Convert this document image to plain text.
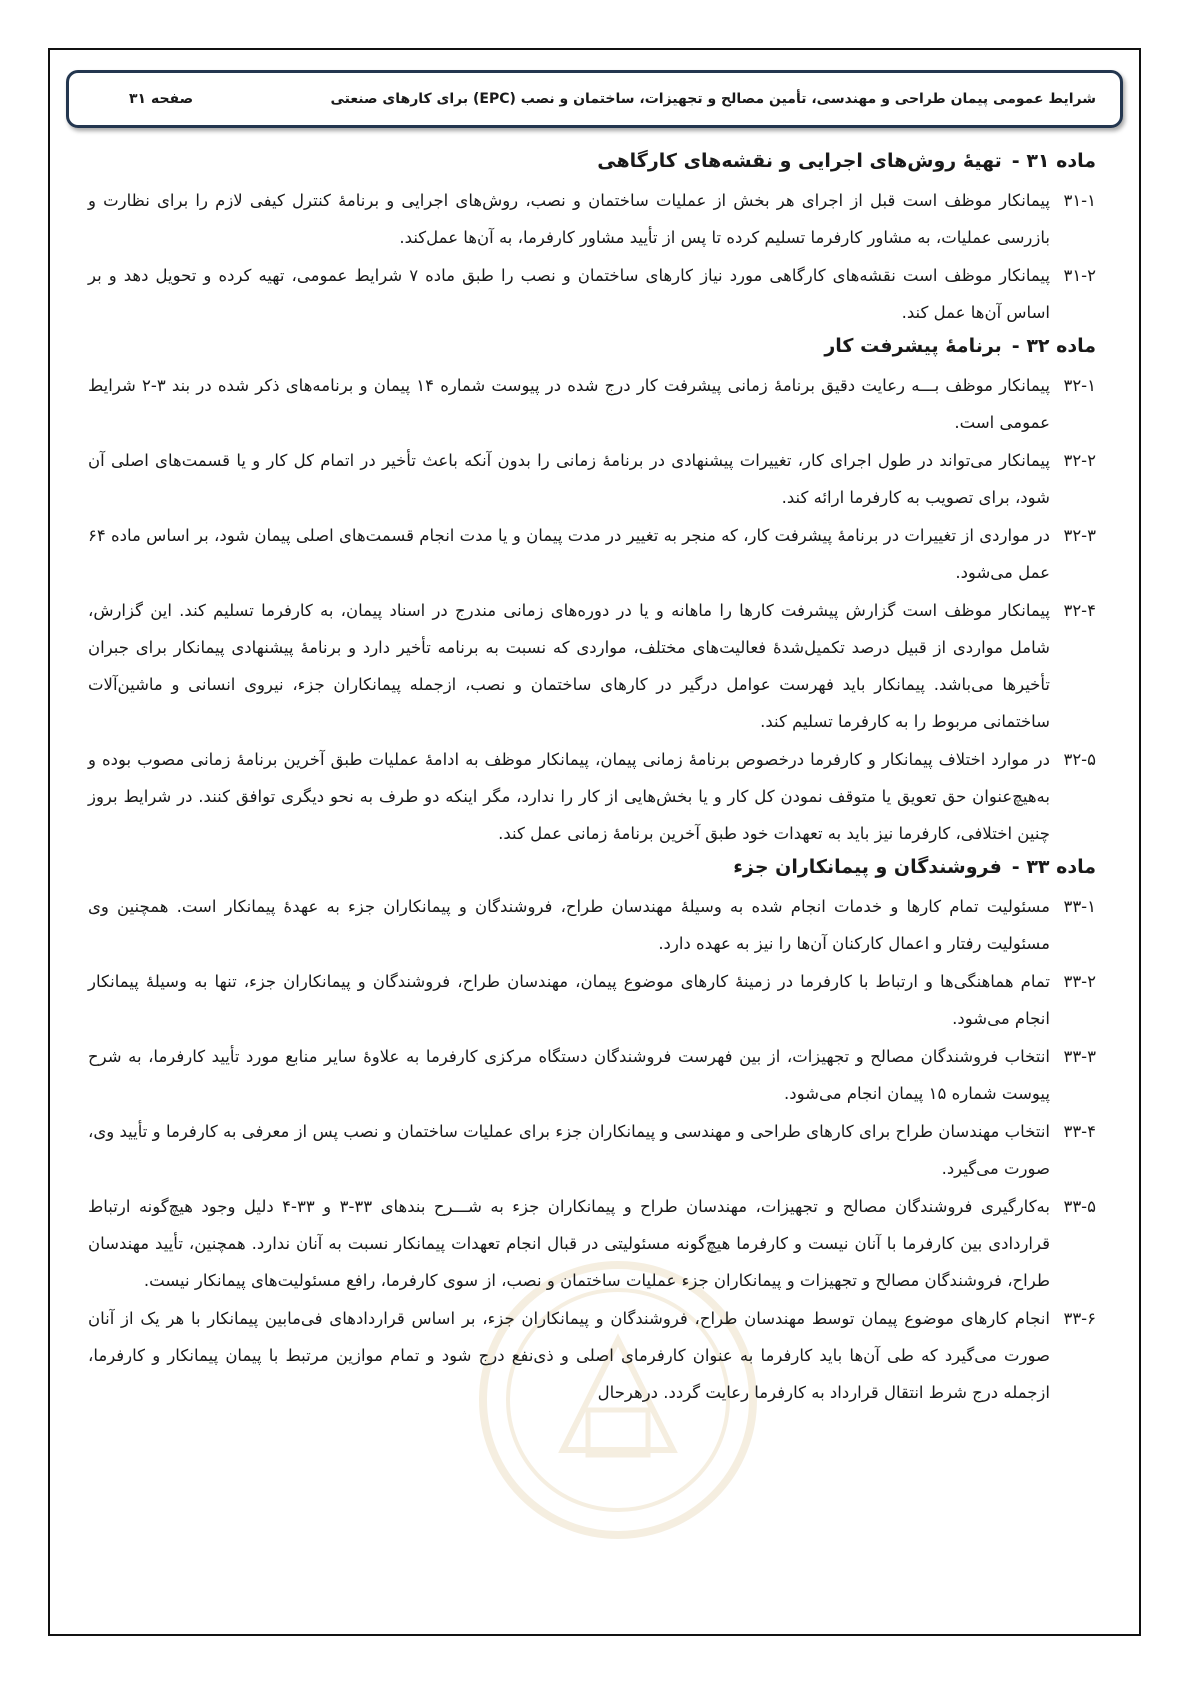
شرایط عمومی پیمان طراحی و مهندسی، تأمین مصالح و تجهیزات، ساختمان و نصب (EPC) برای کارهای صنعتی
صفحه ۳۱
ماده ۳۱ -
تهیهٔ روش‌های اجرایی و نقشه‌های کارگاهی
۳۱-۱
پیمانکار موظف است قبل از اجرای هر بخش از عملیات ساختمان و نصب، روش‌های اجرایی و برنامهٔ کنترل کیفی لازم را برای نظارت و بازرسی عملیات، به مشاور کارفرما تسلیم کرده تا پس از تأیید مشاور کارفرما، به آن‌ها عمل‌کند.
۳۱-۲
پیمانکار موظف است نقشه‌های کارگاهی مورد نیاز کارهای ساختمان و نصب را طبق ماده ۷ شرایط عمومی، تهیه کرده و تحویل دهد و بر اساس آن‌ها عمل کند.
ماده ۳۲ -
برنامهٔ پیشرفت کار
۳۲-۱
پیمانکار موظف بـــه رعایت دقیق برنامهٔ زمانی پیشرفت کار درج شده در پیوست شماره ۱۴ پیمان و برنامه‌های ذکر شده در بند ۳-۲ شرایط عمومی است.
۳۲-۲
پیمانکار می‌تواند در طول اجرای کار، تغییرات پیشنهادی در برنامهٔ زمانی را بدون آنکه باعث تأخیر در اتمام کل کار و یا قسمت‌های اصلی آن شود، برای تصویب به کارفرما ارائه کند.
۳۲-۳
در مواردی از تغییرات در برنامهٔ پیشرفت کار، که منجر به تغییر در مدت پیمان و یا مدت انجام قسمت‌های اصلی پیمان شود، بر اساس ماده ۶۴ عمل می‌شود.
۳۲-۴
پیمانکار موظف است گزارش پیشرفت کارها را ماهانه و یا در دوره‌های زمانی مندرج در اسناد پیمان، به کارفرما تسلیم کند. این گزارش، شامل مواردی از قبیل درصد تکمیل‌شدهٔ فعالیت‌های مختلف، مواردی که نسبت به برنامه تأخیر دارد و برنامهٔ پیشنهادی پیمانکار برای جبران تأخیرها می‌باشد. پیمانکار باید فهرست عوامل درگیر در کارهای ساختمان و نصب، ازجمله پیمانکاران جزء، نیروی انسانی و ماشین‌آلات ساختمانی مربوط را به کارفرما تسلیم کند.
۳۲-۵
در موارد اختلاف پیمانکار و کارفرما درخصوص برنامهٔ زمانی پیمان، پیمانکار موظف به ادامهٔ عملیات طبق آخرین برنامهٔ زمانی مصوب بوده و به‌هیچ‌عنوان حق تعویق یا متوقف نمودن کل کار و یا بخش‌هایی از کار را ندارد، مگر اینکه دو طرف به نحو دیگری توافق کنند. در شرایط بروز چنین اختلافی، کارفرما نیز باید به تعهدات خود طبق آخرین برنامهٔ زمانی عمل کند.
ماده ۳۳ -
فروشندگان و پیمانکاران جزء
۳۳-۱
مسئولیت تمام کارها و خدمات انجام شده به وسیلهٔ مهندسان طراح، فروشندگان و پیمانکاران جزء به عهدهٔ پیمانکار است. همچنین وی مسئولیت رفتار و اعمال کارکنان آن‌ها را نیز به عهده دارد.
۳۳-۲
تمام هماهنگی‌ها و ارتباط با کارفرما در زمینهٔ کارهای موضوع پیمان، مهندسان طراح، فروشندگان و پیمانکاران جزء، تنها به وسیلهٔ پیمانکار انجام می‌شود.
۳۳-۳
انتخاب فروشندگان مصالح و تجهیزات، از بین فهرست فروشندگان دستگاه مرکزی کارفرما به علاوهٔ سایر منابع مورد تأیید کارفرما، به شرح پیوست شماره ۱۵ پیمان انجام می‌شود.
۳۳-۴
انتخاب مهندسان طراح برای کارهای طراحی و مهندسی و پیمانکاران جزء برای عملیات ساختمان و نصب پس از معرفی به کارفرما و تأیید وی، صورت می‌گیرد.
۳۳-۵
به‌کارگیری فروشندگان مصالح و تجهیزات، مهندسان طراح و پیمانکاران جزء به شـــرح بندهای ۳۳-۳ و ۳۳-۴ دلیل وجود هیچ‌گونه ارتباط قراردادی بین کارفرما با آنان نیست و کارفرما هیچ‌گونه مسئولیتی در قبال انجام تعهدات پیمانکار نسبت به آنان ندارد. همچنین، تأیید مهندسان طراح، فروشندگان مصالح و تجهیزات و پیمانکاران جزء عملیات ساختمان و نصب، از سوی کارفرما، رافع مسئولیت‌های پیمانکار نیست.
۳۳-۶
انجام کارهای موضوع پیمان توسط مهندسان طراح، فروشندگان و پیمانکاران جزء، بر اساس قراردادهای فی‌مابین پیمانکار با هر یک از آنان صورت می‌گیرد که طی آن‌ها باید کارفرما به عنوان کارفرمای اصلی و ذی‌نفع درج شود و تمام موازین مرتبط با پیمان پیمانکار و کارفرما، ازجمله درج شرط انتقال قرارداد به کارفرما رعایت گردد. درهرحال
